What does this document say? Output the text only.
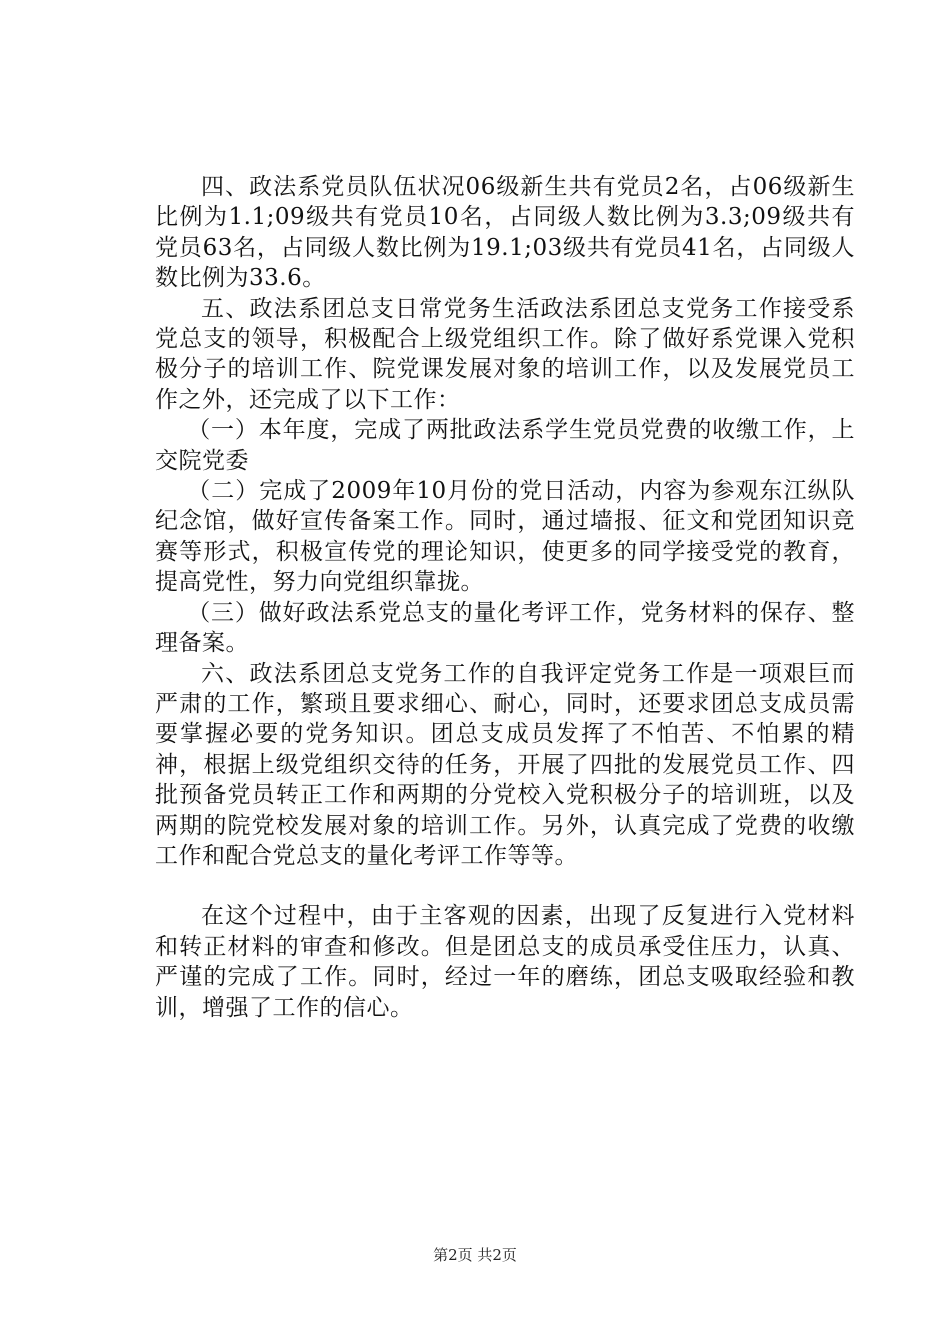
四、政法系党员队伍状况06级新生共有党员2名，占06级新生比例为1.1;09级共有党员10名，占同级人数比例为3.3;09级共有党员63名，占同级人数比例为19.1;03级共有党员41名，占同级人数比例为33.6。

五、政法系团总支日常党务生活政法系团总支党务工作接受系党总支的领导，积极配合上级党组织工作。除了做好系党课入党积极分子的培训工作、院党课发展对象的培训工作，以及发展党员工作之外，还完成了以下工作：

（一）本年度，完成了两批政法系学生党员党费的收缴工作，上交院党委

（二）完成了2009年10月份的党日活动，内容为参观东江纵队纪念馆，做好宣传备案工作。同时，通过墙报、征文和党团知识竞赛等形式，积极宣传党的理论知识，使更多的同学接受党的教育，提高党性，努力向党组织靠拢。

（三）做好政法系党总支的量化考评工作，党务材料的保存、整理备案。

六、政法系团总支党务工作的自我评定党务工作是一项艰巨而严肃的工作，繁琐且要求细心、耐心，同时，还要求团总支成员需要掌握必要的党务知识。团总支成员发挥了不怕苦、不怕累的精神，根据上级党组织交待的任务，开展了四批的发展党员工作、四批预备党员转正工作和两期的分党校入党积极分子的培训班，以及两期的院党校发展对象的培训工作。另外，认真完成了党费的收缴工作和配合党总支的量化考评工作等等。

在这个过程中，由于主客观的因素，出现了反复进行入党材料和转正材料的审查和修改。但是团总支的成员承受住压力，认真、严谨的完成了工作。同时，经过一年的磨练，团总支吸取经验和教训，增强了工作的信心。

第2页 共2页
